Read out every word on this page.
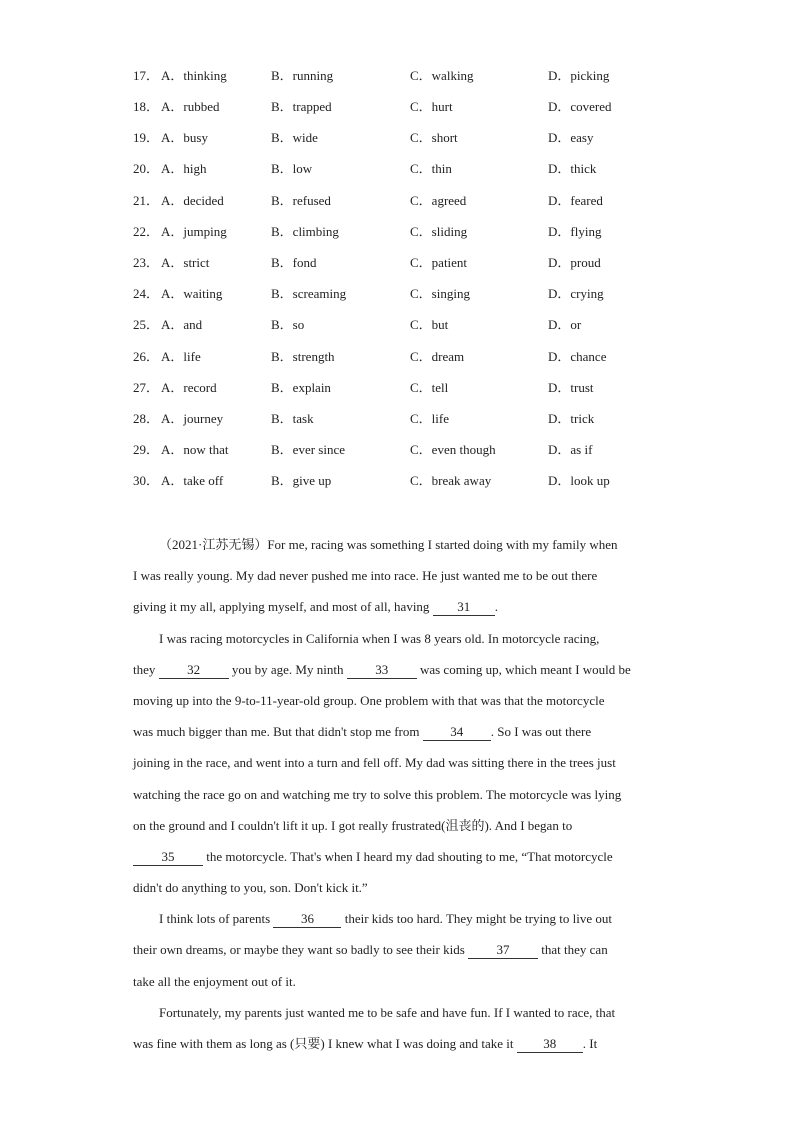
17． A．thinking	B．running	C．walking	D．picking
18． A．rubbed	B．trapped	C．hurt	D．covered
19． A．busy	B．wide	C．short	D．easy
20． A．high	B．low	C．thin	D．thick
21． A．decided	B．refused	C．agreed	D．feared
22． A．jumping	B．climbing	C．sliding	D．flying
23． A．strict	B．fond	C．patient	D．proud
24． A．waiting	B．screaming	C．singing	D．crying
25． A．and	B．so	C．but	D．or
26． A．life	B．strength	C．dream	D．chance
27． A．record	B．explain	C．tell	D．trust
28． A．journey	B．task	C．life	D．trick
29． A．now that	B．ever since	C．even though	D．as if
30． A．take off	B．give up	C．break away	D．look up
（2021·江苏无锡）For me, racing was something I started doing with my family when
I was really young. My dad never pushed me into race. He just wanted me to be out there
giving it my all, applying myself, and most of all, having 31 .
I was racing motorcycles in California when I was 8 years old. In motorcycle racing,
they 32 you by age. My ninth 33 was coming up, which meant I would be
moving up into the 9-to-11-year-old group. One problem with that was that the motorcycle
was much bigger than me. But that didn't stop me from 34 . So I was out there
joining in the race, and went into a turn and fell off. My dad was sitting there in the trees just
watching the race go on and watching me try to solve this problem. The motorcycle was lying
on the ground and I couldn't lift it up. I got really frustrated(沮丧的). And I began to
35 the motorcycle. That's when I heard my dad shouting to me, “That motorcycle
didn't do anything to you, son. Don't kick it.”
I think lots of parents 36 their kids too hard. They might be trying to live out
their own dreams, or maybe they want so badly to see their kids 37 that they can
take all the enjoyment out of it.
Fortunately, my parents just wanted me to be safe and have fun. If I wanted to race, that
was fine with them as long as (只要) I knew what I was doing and take it 38 . It
